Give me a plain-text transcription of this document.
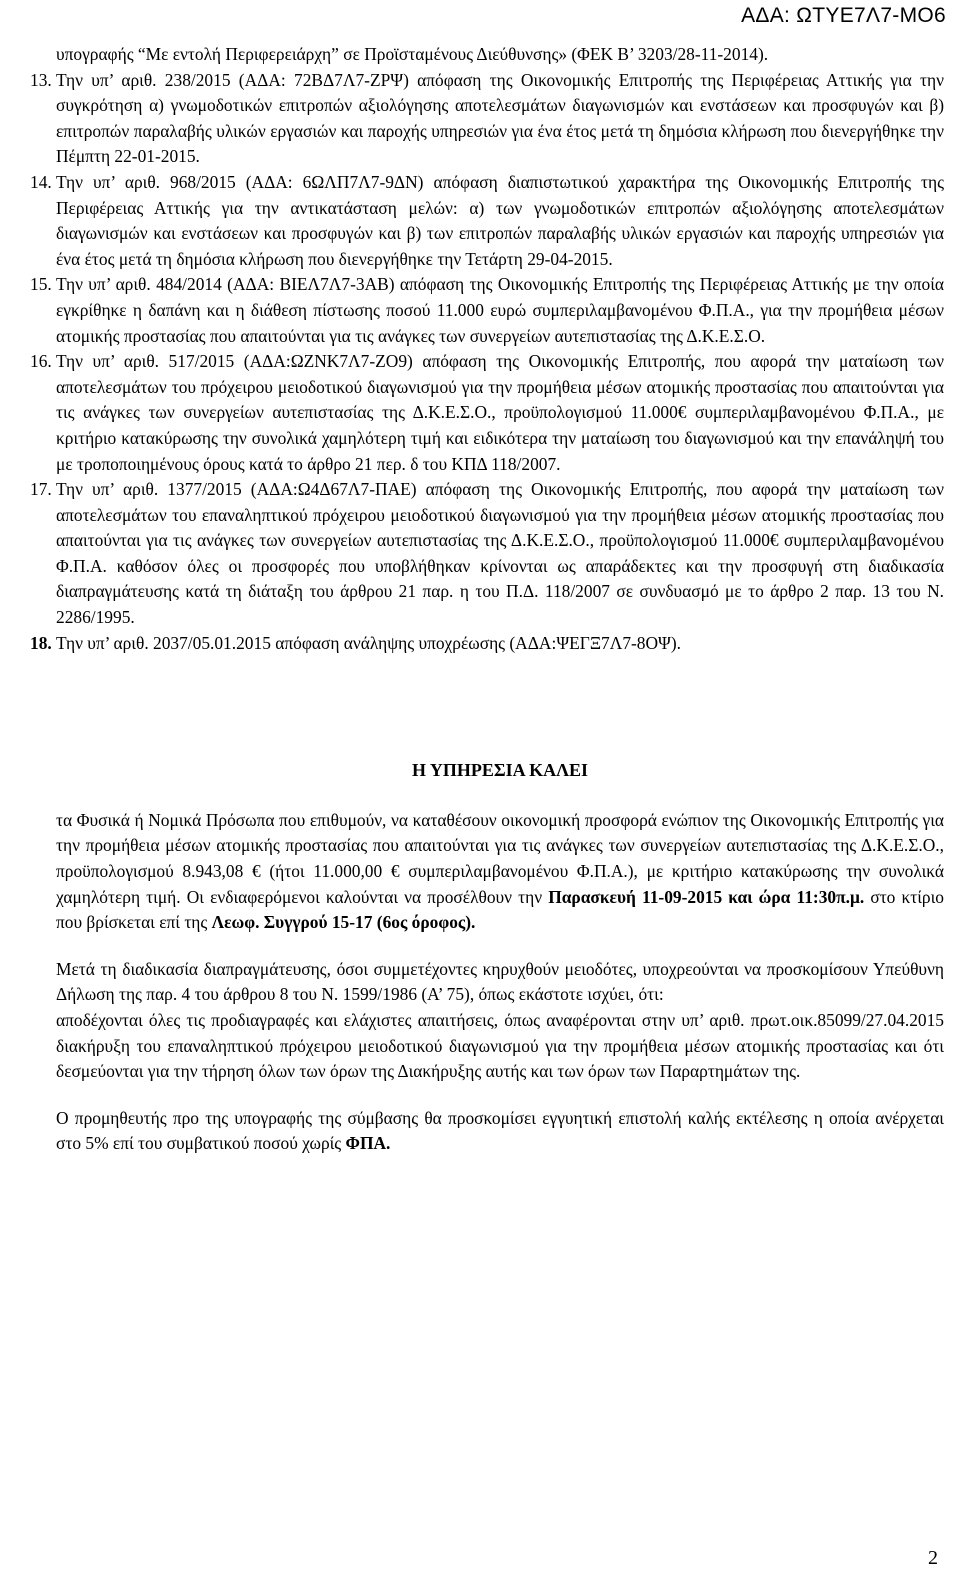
ΑΔΑ: ΩΤΥΕ7Λ7-ΜΟ6

υπογραφής “Με εντολή Περιφερειάρχη” σε Προϊσταμένους Διεύθυνσης» (ΦΕΚ Β’ 3203/28-11-2014).

13. Την υπ’ αριθ. 238/2015 (ΑΔΑ: 72ΒΔ7Λ7-ΖΡΨ) απόφαση της Οικονομικής Επιτροπής της Περιφέρειας Αττικής για την συγκρότηση α) γνωμοδοτικών επιτροπών αξιολόγησης αποτελεσμάτων διαγωνισμών και ενστάσεων και προσφυγών και β) επιτροπών παραλαβής υλικών εργασιών και παροχής υπηρεσιών για ένα έτος μετά τη δημόσια κλήρωση που διενεργήθηκε την Πέμπτη 22-01-2015.
14. Την υπ’ αριθ. 968/2015 (ΑΔΑ: 6ΩΛΠ7Λ7-9ΔΝ) απόφαση διαπιστωτικού χαρακτήρα της Οικονομικής Επιτροπής της Περιφέρειας Αττικής για την αντικατάσταση μελών: α) των γνωμοδοτικών επιτροπών αξιολόγησης αποτελεσμάτων διαγωνισμών και ενστάσεων και προσφυγών και β) των επιτροπών παραλαβής υλικών εργασιών και παροχής υπηρεσιών για ένα έτος μετά τη δημόσια κλήρωση που διενεργήθηκε την Τετάρτη 29-04-2015.
15. Την υπ’ αριθ. 484/2014 (ΑΔΑ: ΒΙΕΛ7Λ7-3ΑΒ) απόφαση της Οικονομικής Επιτροπής της Περιφέρειας Αττικής με την οποία εγκρίθηκε η δαπάνη και η διάθεση πίστωσης ποσού 11.000 ευρώ συμπεριλαμβανομένου Φ.Π.Α., για την προμήθεια μέσων ατομικής προστασίας που απαιτούνται για τις ανάγκες των συνεργείων αυτεπιστασίας της Δ.Κ.Ε.Σ.Ο.
16. Την υπ’ αριθ. 517/2015 (ΑΔΑ:ΩΖΝΚ7Λ7-ΖΟ9) απόφαση της Οικονομικής Επιτροπής, που αφορά την ματαίωση των αποτελεσμάτων του πρόχειρου μειοδοτικού διαγωνισμού για την προμήθεια μέσων ατομικής προστασίας που απαιτούνται για τις ανάγκες των συνεργείων αυτεπιστασίας της Δ.Κ.Ε.Σ.Ο., προϋπολογισμού 11.000€ συμπεριλαμβανομένου Φ.Π.Α., με κριτήριο κατακύρωσης την συνολικά χαμηλότερη τιμή και ειδικότερα την ματαίωση του διαγωνισμού και την επανάληψή του με τροποποιημένους όρους κατά το άρθρο 21 περ. δ του ΚΠΔ 118/2007.
17. Την υπ’ αριθ. 1377/2015 (ΑΔΑ:Ω4Δ67Λ7-ΠΑΕ) απόφαση της Οικονομικής Επιτροπής, που αφορά την ματαίωση των αποτελεσμάτων του επαναληπτικού πρόχειρου μειοδοτικού διαγωνισμού για την προμήθεια μέσων ατομικής προστασίας που απαιτούνται για τις ανάγκες των συνεργείων αυτεπιστασίας της Δ.Κ.Ε.Σ.Ο., προϋπολογισμού 11.000€ συμπεριλαμβανομένου Φ.Π.Α. καθόσον όλες οι προσφορές που υποβλήθηκαν κρίνονται ως απαράδεκτες και την προσφυγή στη διαδικασία διαπραγμάτευσης κατά τη διάταξη του άρθρου 21 παρ. η του Π.Δ. 118/2007 σε συνδυασμό με το άρθρο 2 παρ. 13 του Ν. 2286/1995.
18. Την υπ’ αριθ. 2037/05.01.2015 απόφαση ανάληψης υποχρέωσης (ΑΔΑ:ΨΕΓΞ7Λ7-8ΟΨ).

Η ΥΠΗΡΕΣΙΑ ΚΑΛΕΙ

τα Φυσικά ή Νομικά Πρόσωπα που επιθυμούν, να καταθέσουν οικονομική προσφορά ενώπιον της Οικονομικής Επιτροπής για την προμήθεια μέσων ατομικής προστασίας που απαιτούνται για τις ανάγκες των συνεργείων αυτεπιστασίας της Δ.Κ.Ε.Σ.Ο., προϋπολογισμού 8.943,08 € (ήτοι 11.000,00 € συμπεριλαμβανομένου Φ.Π.Α.), με κριτήριο κατακύρωσης την συνολικά χαμηλότερη τιμή. Οι ενδιαφερόμενοι καλούνται να προσέλθουν την Παρασκευή 11-09-2015 και ώρα 11:30π.μ. στο κτίριο που βρίσκεται επί της Λεωφ. Συγγρού 15-17 (6ος όροφος).

Μετά τη διαδικασία διαπραγμάτευσης, όσοι συμμετέχοντες κηρυχθούν μειοδότες, υποχρεούνται να προσκομίσουν Υπεύθυνη Δήλωση της παρ. 4 του άρθρου 8 του Ν. 1599/1986 (Α’ 75), όπως εκάστοτε ισχύει, ότι:

αποδέχονται όλες τις προδιαγραφές και ελάχιστες απαιτήσεις, όπως αναφέρονται στην υπ’ αριθ. πρωτ.οικ.85099/27.04.2015 διακήρυξη του επαναληπτικού πρόχειρου μειοδοτικού διαγωνισμού για την προμήθεια μέσων ατομικής προστασίας και ότι δεσμεύονται για την τήρηση όλων των όρων της Διακήρυξης αυτής και των όρων των Παραρτημάτων της.

Ο προμηθευτής προ της υπογραφής της σύμβασης θα προσκομίσει εγγυητική επιστολή καλής εκτέλεσης η οποία ανέρχεται στο 5% επί του συμβατικού ποσού χωρίς ΦΠΑ.

2
